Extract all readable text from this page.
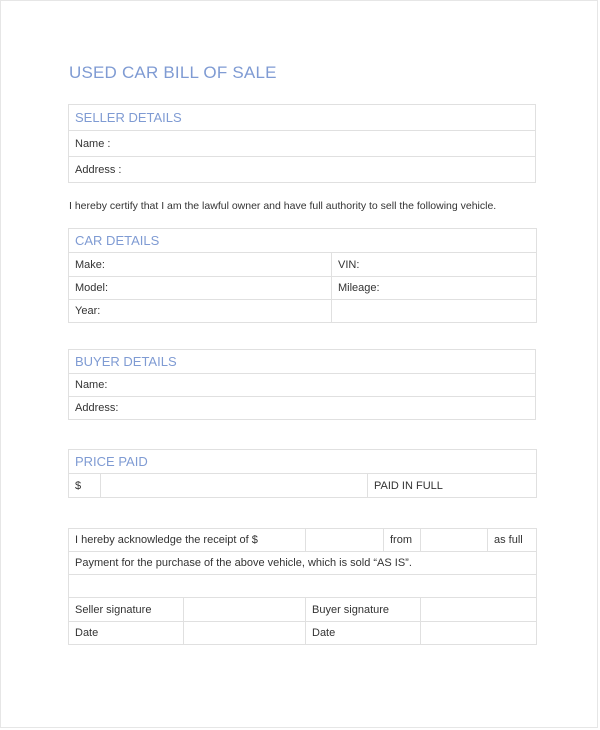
USED CAR BILL OF SALE
SELLER DETAILS
Name :
Address :

I hereby certify that I am the lawful owner and have full authority to sell the following vehicle.

CAR DETAILS	
Make:	VIN:
Model:	Mileage:
Year:	
BUYER DETAILS
Name:
Address:
PRICE PAID
$		PAID IN FULL
I hereby acknowledge the receipt of $			from		as full
Payment for the purchase of the above vehicle, which is sold “AS IS”.					

Seller signature		Buyer signature			
Date		Date			
